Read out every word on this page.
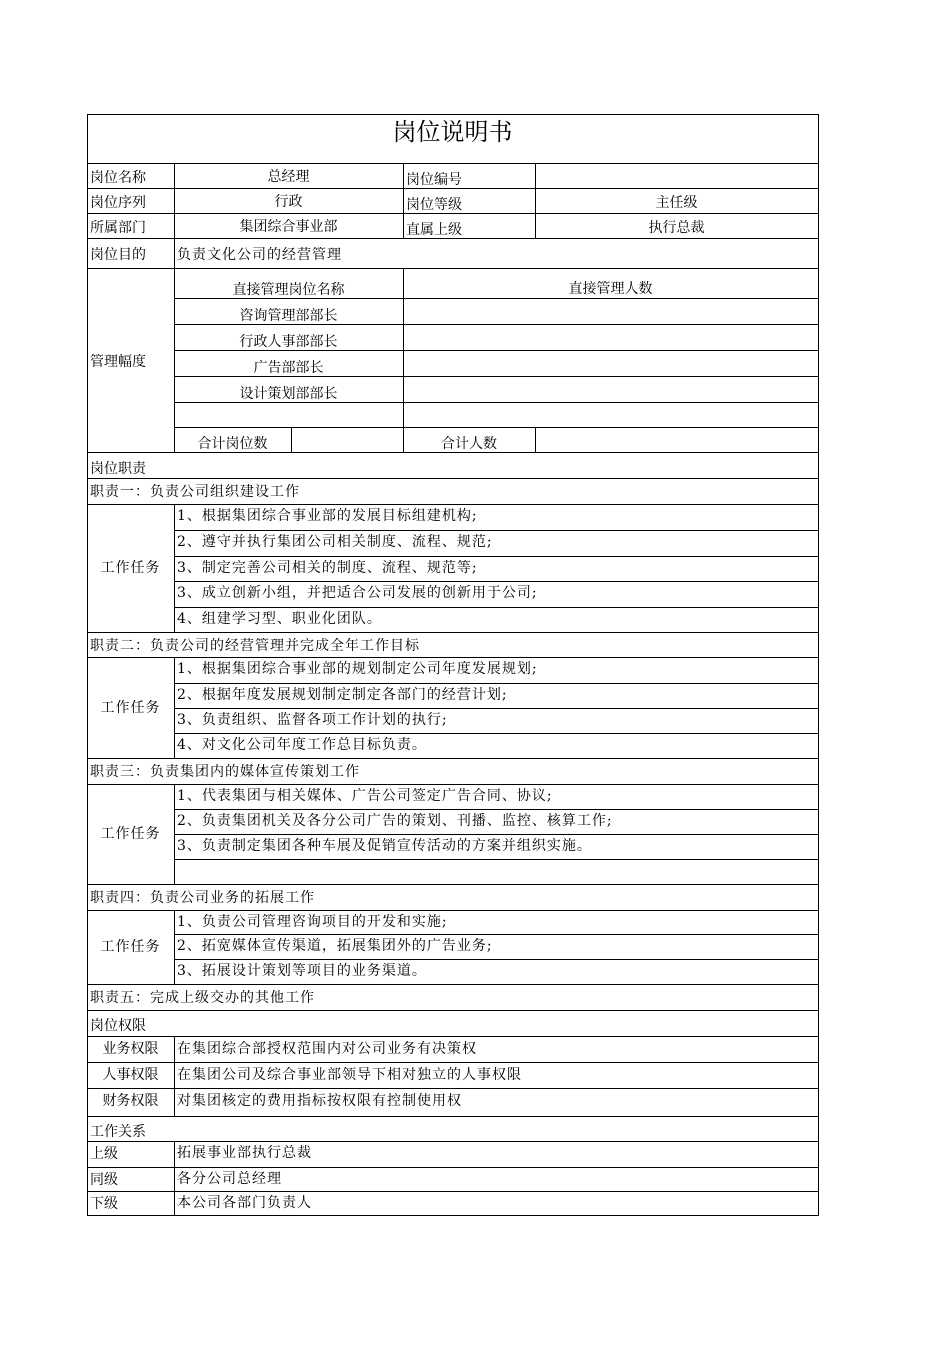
岗位说明书
岗位名称	总经理	岗位编号
岗位序列	行政	岗位等级	主任级
所属部门	集团综合事业部	直属上级	执行总裁
岗位目的	负责文化公司的经营管理
管理幅度
直接管理岗位名称	直接管理人数
咨询管理部部长
行政人事部部长
广告部部长
设计策划部部长
合计岗位数	合计人数
岗位职责
职责一：负责公司组织建设工作
工作任务
1、根据集团综合事业部的发展目标组建机构;
2、遵守并执行集团公司相关制度、流程、规范;
3、制定完善公司相关的制度、流程、规范等;
3、成立创新小组，并把适合公司发展的创新用于公司;
4、组建学习型、职业化团队。
职责二：负责公司的经营管理并完成全年工作目标
工作任务
1、根据集团综合事业部的规划制定公司年度发展规划;
2、根据年度发展规划制定制定各部门的经营计划;
3、负责组织、监督各项工作计划的执行;
4、对文化公司年度工作总目标负责。
职责三：负责集团内的媒体宣传策划工作
工作任务
1、代表集团与相关媒体、广告公司签定广告合同、协议;
2、负责集团机关及各分公司广告的策划、刊播、监控、核算工作;
3、负责制定集团各种车展及促销宣传活动的方案并组织实施。
职责四：负责公司业务的拓展工作
工作任务
1、负责公司管理咨询项目的开发和实施;
2、拓宽媒体宣传渠道，拓展集团外的广告业务;
3、拓展设计策划等项目的业务渠道。
职责五：完成上级交办的其他工作
岗位权限
业务权限	在集团综合部授权范围内对公司业务有决策权
人事权限	在集团公司及综合事业部领导下相对独立的人事权限
财务权限	对集团核定的费用指标按权限有控制使用权
工作关系
上级	拓展事业部执行总裁
同级	各分公司总经理
下级	本公司各部门负责人
